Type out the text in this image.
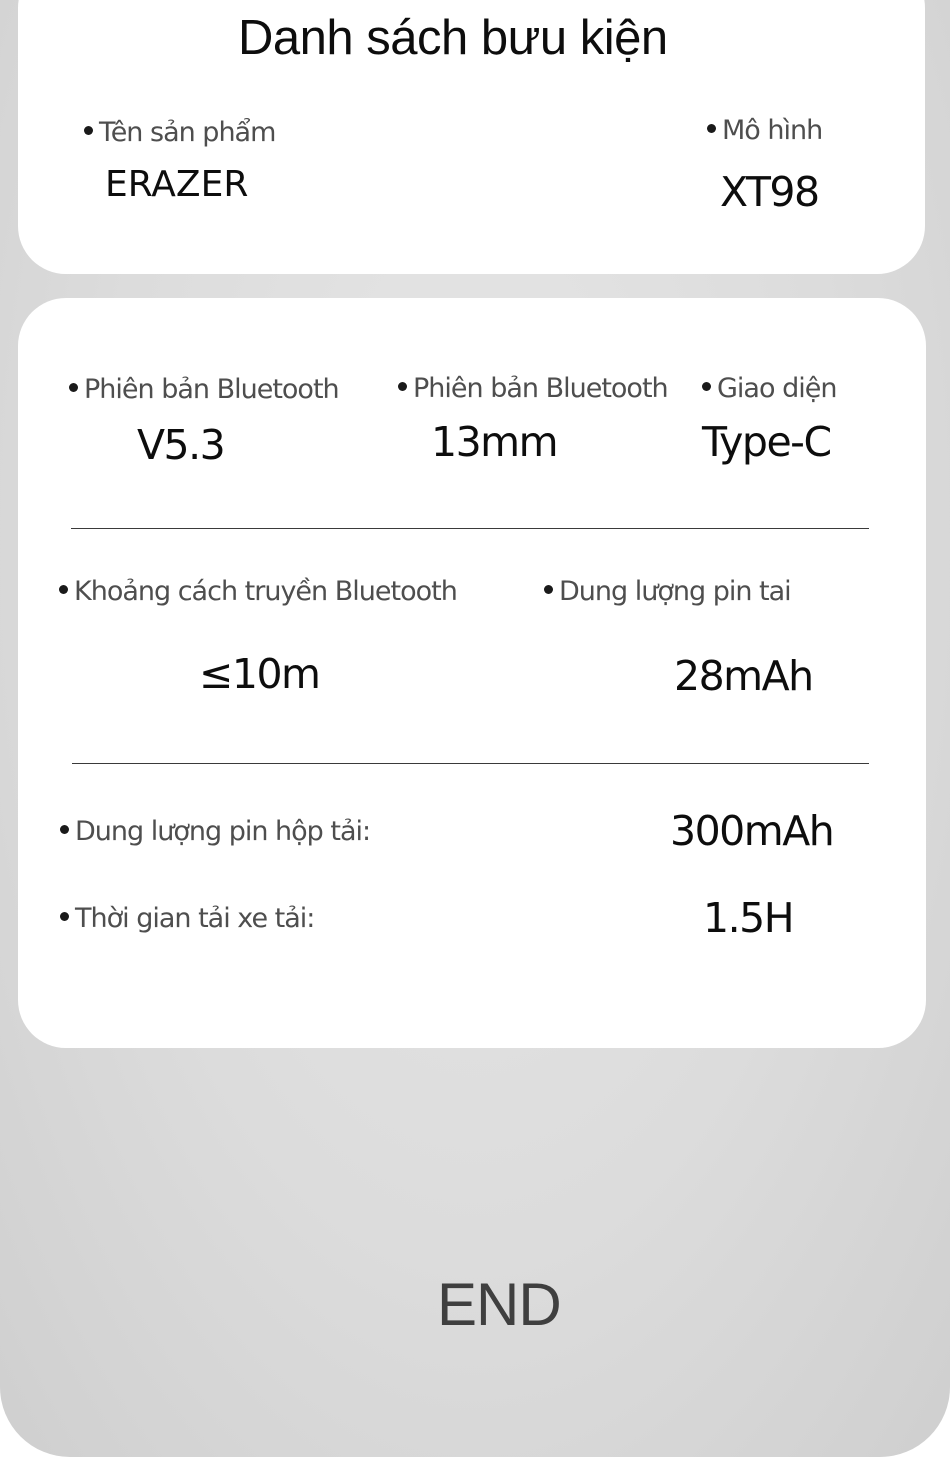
Danh sách bưu kiện
Tên sản phẩm
ERAZER
Mô hình
XT98
Phiên bản Bluetooth
V5.3
Phiên bản Bluetooth
13mm
Giao diện
Type-C
Khoảng cách truyền Bluetooth
≤10m
Dung lượng pin tai
28mAh
Dung lượng pin hộp tải:	300mAh
Thời gian tải xe tải:	1.5H
END
